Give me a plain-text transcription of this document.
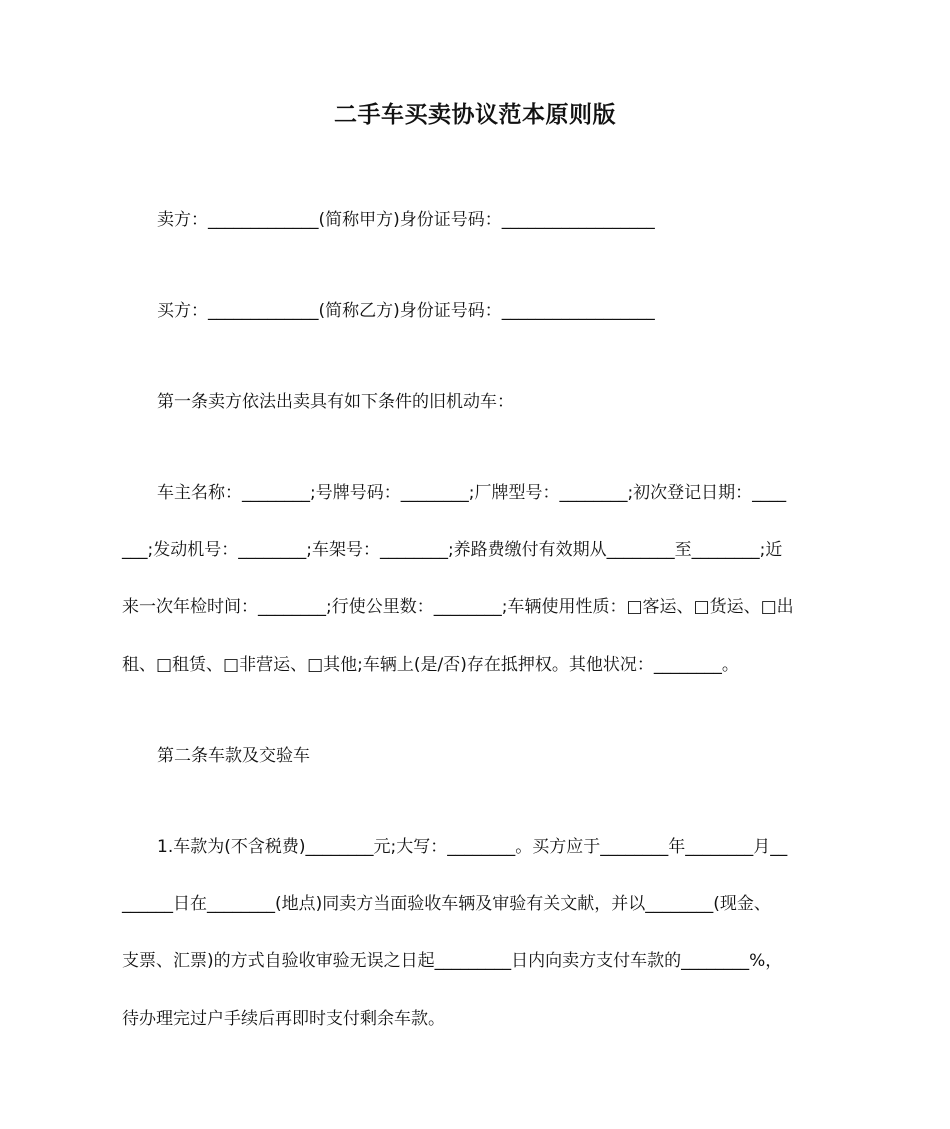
二手车买卖协议范本原则版
卖方：_____________(简称甲方)身份证号码：__________________
买方：_____________(简称乙方)身份证号码：__________________
第一条卖方依法出卖具有如下条件的旧机动车：
车主名称：________;号牌号码：________;厂牌型号：________;初次登记日期：____
___;发动机号：________;车架号：________;养路费缴付有效期从________至________;近
来一次年检时间：________;行使公里数：________;车辆使用性质：□客运、□货运、□出
租、□租赁、□非营运、□其他;车辆上(是/否)存在抵押权。其他状况：________。
第二条车款及交验车
1.车款为(不含税费)________元;大写：________。买方应于________年________月__
______日在________(地点)同卖方当面验收车辆及审验有关文献，并以________(现金、
支票、汇票)的方式自验收审验无误之日起_________日内向卖方支付车款的________%，
待办理完过户手续后再即时支付剩余车款。
